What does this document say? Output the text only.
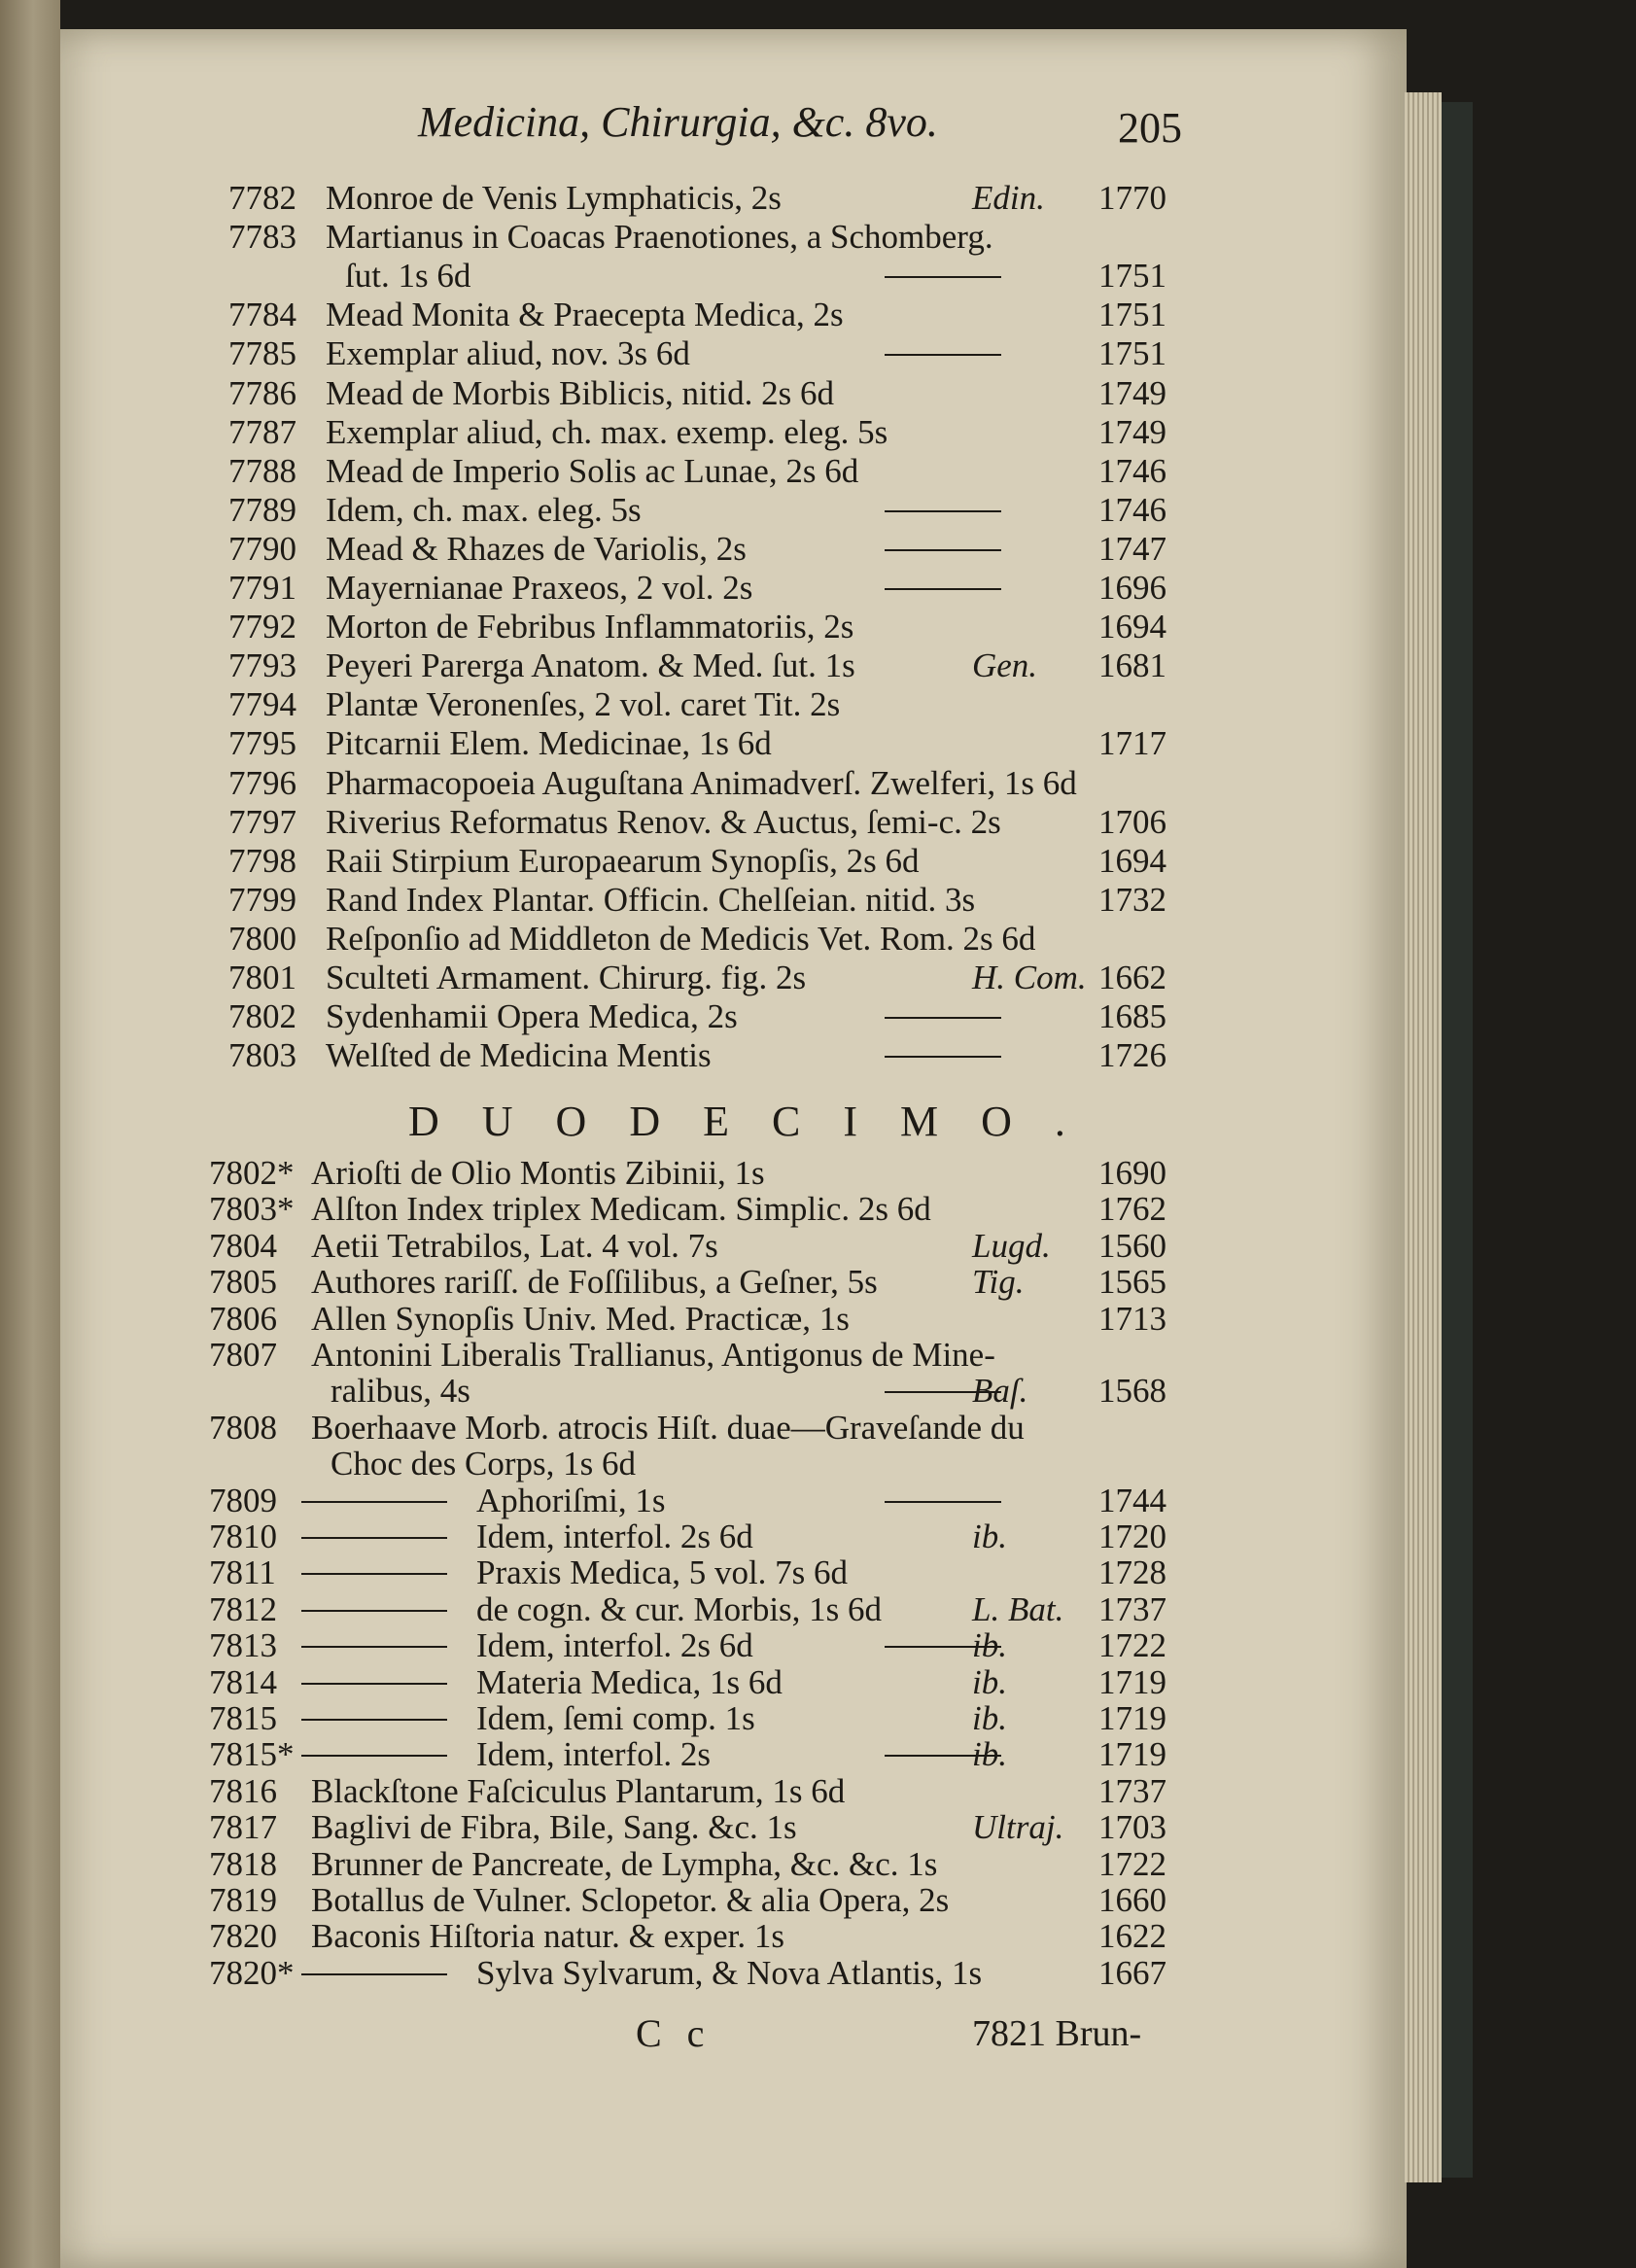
Medicina, Chirurgia, &c. 8vo.	205
7782 Monroe de Venis Lymphaticis, 2s	Edin. 1770
7783 Martianus in Coacas Praenotiones, a Schomberg.
ſut. 1s 6d	1751
7784 Mead Monita & Praecepta Medica, 2s	1751
7785 Exemplar aliud, nov. 3s 6d	1751
7786 Mead de Morbis Biblicis, nitid. 2s 6d	1749
7787 Exemplar aliud, ch. max. exemp. eleg. 5s	1749
7788 Mead de Imperio Solis ac Lunae, 2s 6d	1746
7789 Idem, ch. max. eleg. 5s	1746
7790 Mead & Rhazes de Variolis, 2s	1747
7791 Mayernianae Praxeos, 2 vol. 2s	1696
7792 Morton de Febribus Inflammatoriis, 2s	1694
7793 Peyeri Parerga Anatom. & Med. ſut. 1s	Gen. 1681
7794 Plantæ Veronenſes, 2 vol. caret Tit. 2s
7795 Pitcarnii Elem. Medicinae, 1s 6d	1717
7796 Pharmacopoeia Auguſtana Animadverſ. Zwelferi, 1s 6d
7797 Riverius Reformatus Renov. & Auctus, ſemi-c. 2s	1706
7798 Raii Stirpium Europaearum Synopſis, 2s 6d	1694
7799 Rand Index Plantar. Officin. Chelſeian. nitid. 3s	1732
7800 Reſponſio ad Middleton de Medicis Vet. Rom. 2s 6d
7801 Sculteti Armament. Chirurg. fig. 2s	H. Com. 1662
7802 Sydenhamii Opera Medica, 2s	1685
7803 Welſted de Medicina Mentis	1726
DUODECIMO.
7802* Arioſti de Olio Montis Zibinii, 1s	1690
7803* Alſton Index triplex Medicam. Simplic. 2s 6d	1762
7804 Aetii Tetrabilos, Lat. 4 vol. 7s	Lugd. 1560
7805 Authores rariſſ. de Foſſilibus, a Geſner, 5s	Tig. 1565
7806 Allen Synopſis Univ. Med. Practicæ, 1s	1713
7807 Antonini Liberalis Trallianus, Antigonus de Mine-
ralibus, 4s	Baſ. 1568
7808 Boerhaave Morb. atrocis Hiſt. duae—Graveſande du
Choc des Corps, 1s 6d
7809	Aphoriſmi, 1s	1744
7810	Idem, interfol. 2s 6d	ib.	1720
7811	Praxis Medica, 5 vol. 7s 6d	1728
7812	de cogn. & cur. Morbis, 1s 6d	L. Bat. 1737
7813	Idem, interfol. 2s 6d	ib.	1722
7814	Materia Medica, 1s 6d	ib.	1719
7815	Idem, ſemi comp. 1s	ib.	1719
7815*	Idem, interfol. 2s	ib.	1719
7816 Blackſtone Faſciculus Plantarum, 1s 6d	1737
7817 Baglivi de Fibra, Bile, Sang. &c. 1s	Ultraj. 1703
7818 Brunner de Pancreate, de Lympha, &c. &c. 1s	1722
7819 Botallus de Vulner. Sclopetor. & alia Opera, 2s	1660
7820 Baconis Hiſtoria natur. & exper. 1s	1622
7820*	Sylva Sylvarum, & Nova Atlantis, 1s	1667
C c	7821 Brun-
